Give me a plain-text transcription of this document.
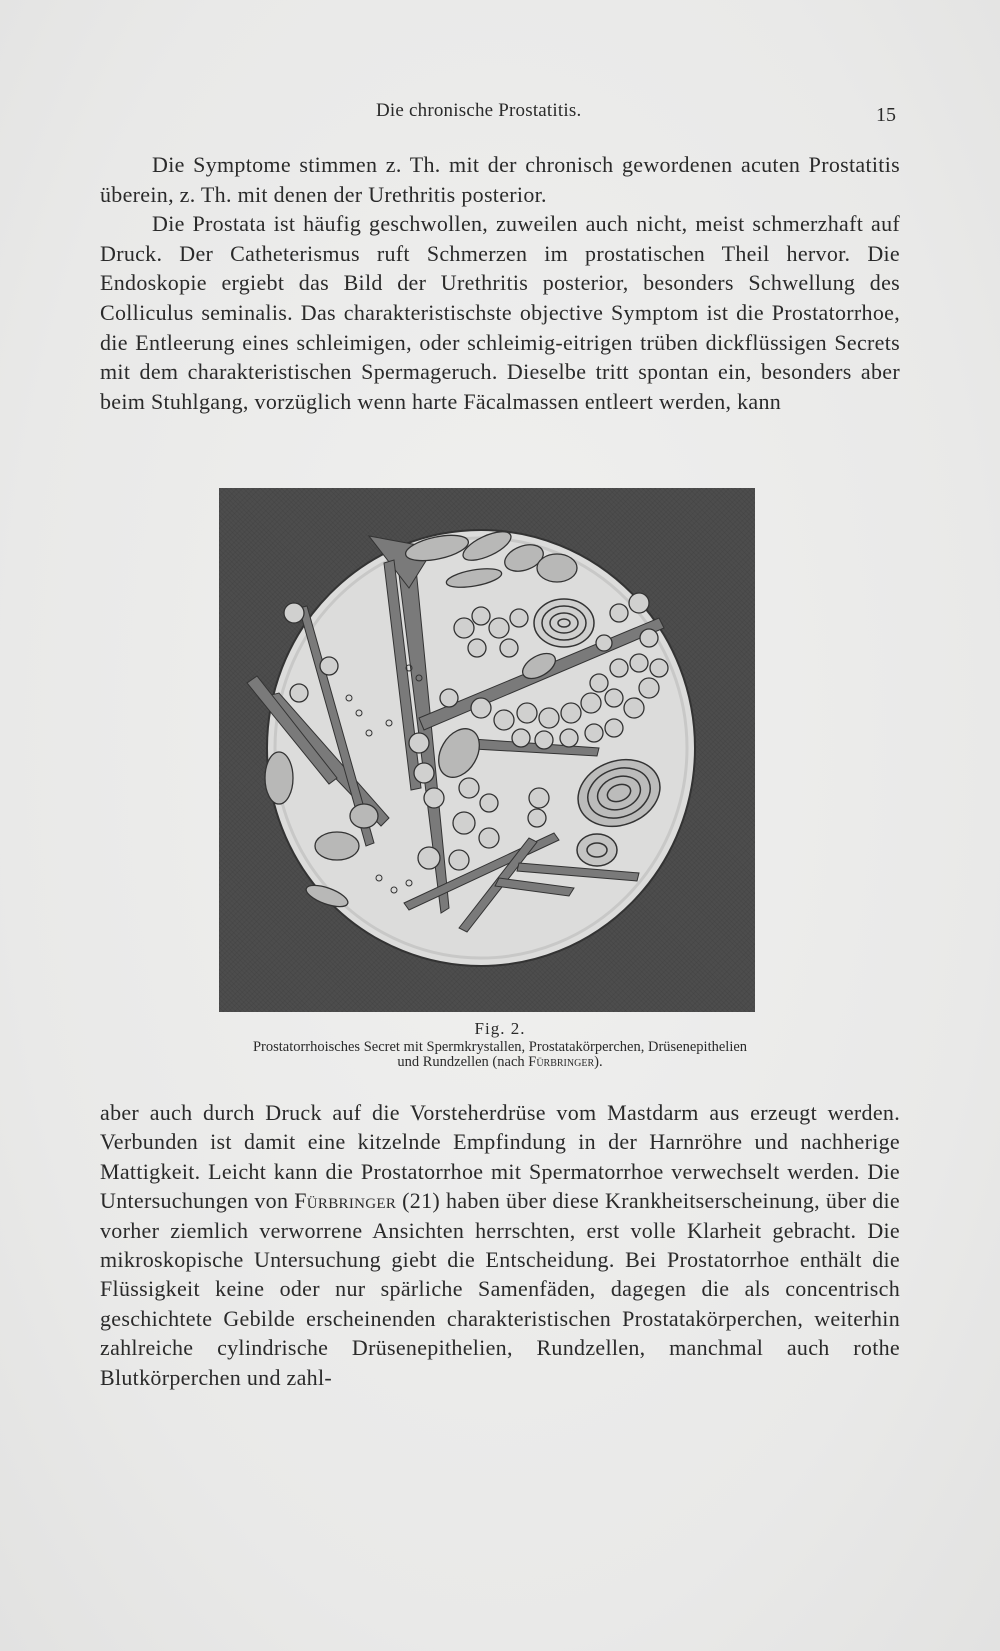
Die chronische Prostatitis.	15

Die Symptome stimmen z. Th. mit der chronisch gewordenen acuten Prostatitis überein, z. Th. mit denen der Urethritis posterior.

Die Prostata ist häufig geschwollen, zuweilen auch nicht, meist schmerzhaft auf Druck. Der Catheterismus ruft Schmerzen im prostatischen Theil hervor. Die Endoskopie ergiebt das Bild der Urethritis posterior, besonders Schwellung des Colliculus seminalis. Das charakteristischste objective Symptom ist die Prostatorrhoe, die Entleerung eines schleimigen, oder schleimig-eitrigen trüben dickflüssigen Secrets mit dem charakteristischen Spermageruch. Dieselbe tritt spontan ein, besonders aber beim Stuhlgang, vorzüglich wenn harte Fäcalmassen entleert werden, kann

Fig. 2.
Prostatorrhoisches Secret mit Spermkrystallen, Prostatakörperchen, Drüsenepithelien
und Rundzellen (nach Fürbringer).

aber auch durch Druck auf die Vorsteherdrüse vom Mastdarm aus erzeugt werden. Verbunden ist damit eine kitzelnde Empfindung in der Harnröhre und nachherige Mattigkeit. Leicht kann die Prostatorrhoe mit Spermatorrhoe verwechselt werden. Die Untersuchungen von Fürbringer (21) haben über diese Krankheitserscheinung, über die vorher ziemlich verworrene Ansichten herrschten, erst volle Klarheit gebracht. Die mikroskopische Untersuchung giebt die Entscheidung. Bei Prostatorrhoe enthält die Flüssigkeit keine oder nur spärliche Samenfäden, dagegen die als concentrisch geschichtete Gebilde erscheinenden charakteristischen Prostatakörperchen, weiterhin zahlreiche cylindrische Drüsenepithelien, Rundzellen, manchmal auch rothe Blutkörperchen und zahl-
